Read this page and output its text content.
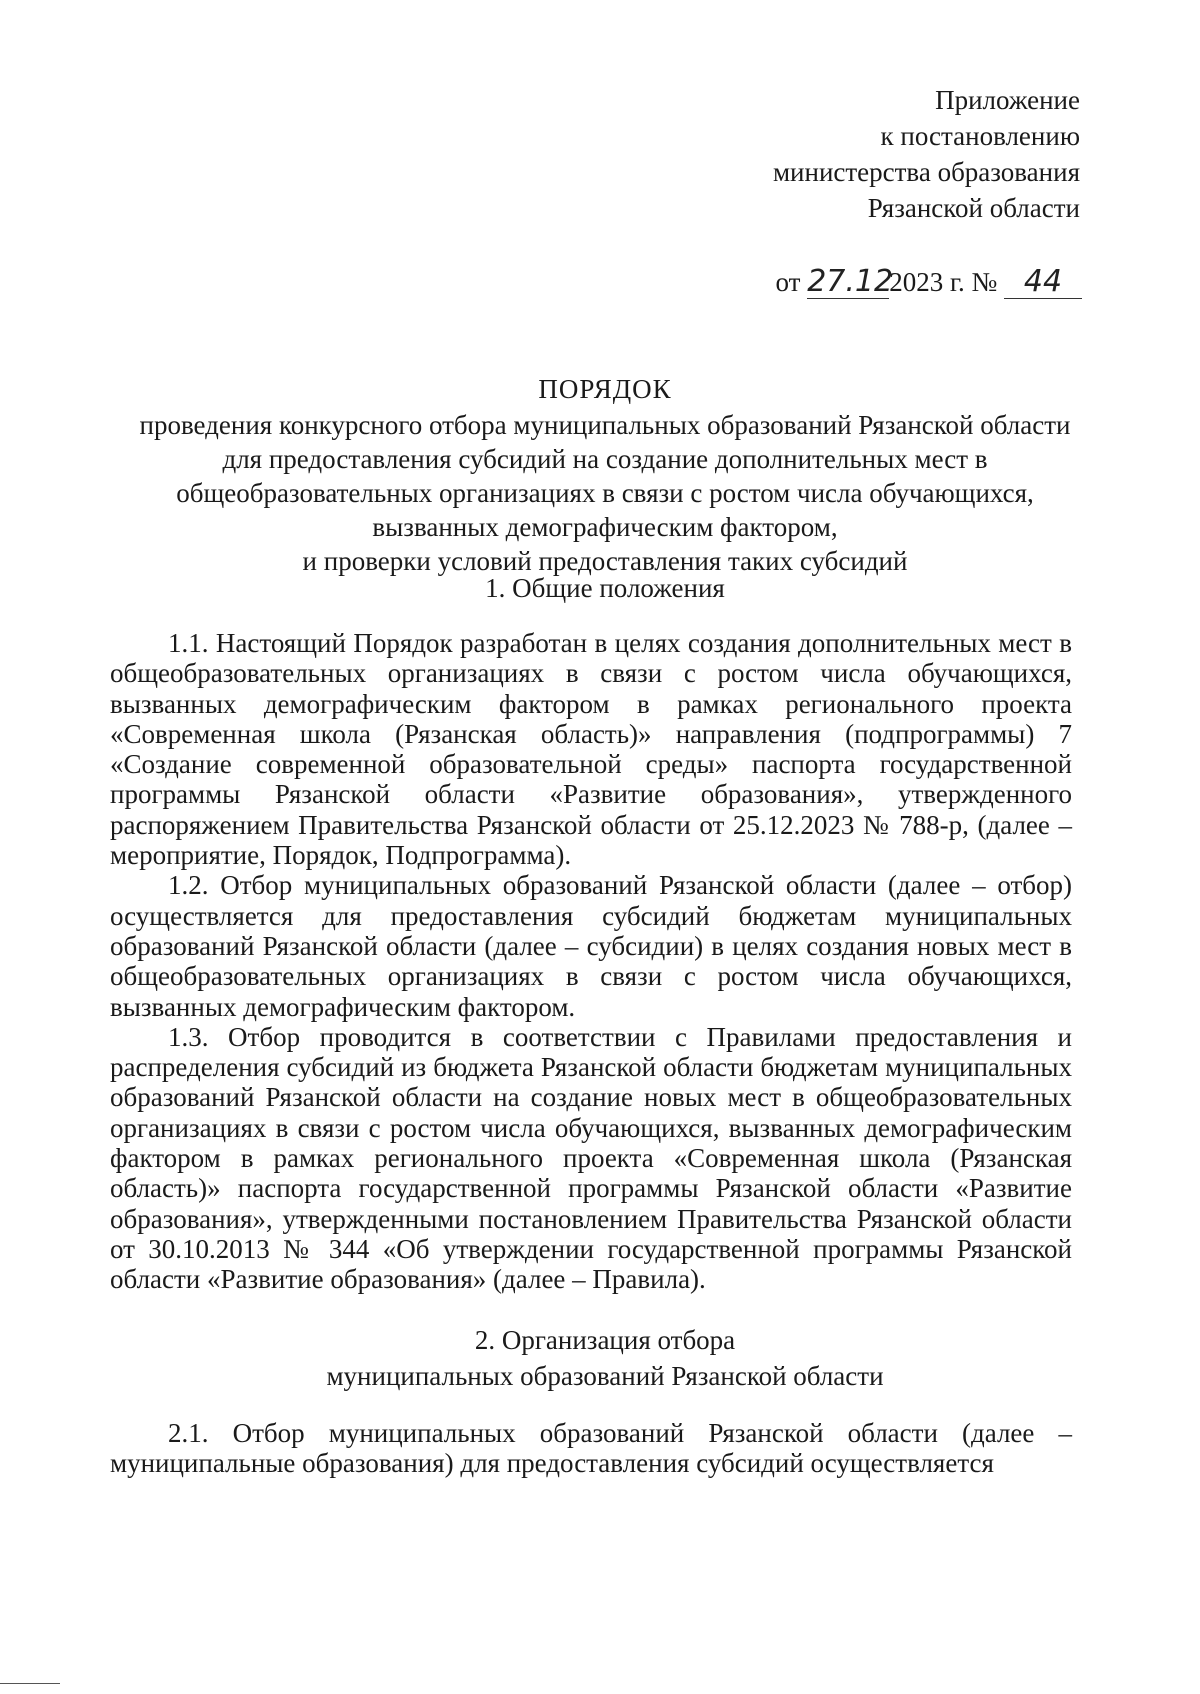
Приложение
к постановлению
министерства образования
Рязанской области
от 27.122023 г. № 44
ПОРЯДОК
проведения конкурсного отбора муниципальных образований Рязанской области
для предоставления субсидий на создание дополнительных мест в
общеобразовательных организациях в связи с ростом числа обучающихся,
вызванных демографическим фактором,
и проверки условий предоставления таких субсидий
1. Общие положения

1.1. Настоящий Порядок разработан в целях создания дополнительных мест в общеобразовательных организациях в связи с ростом числа обучающихся, вызванных демографическим фактором в рамках регионального проекта «Современная школа (Рязанская область)» направления (подпрограммы) 7 «Создание современной образовательной среды» паспорта государственной программы Рязанской области «Развитие образования», утвержденного распоряжением Правительства Рязанской области от 25.12.2023 № 788-р, (далее – мероприятие, Порядок, Подпрограмма).

1.2. Отбор муниципальных образований Рязанской области (далее – отбор) осуществляется для предоставления субсидий бюджетам муниципальных образований Рязанской области (далее – субсидии) в целях создания новых мест в общеобразовательных организациях в связи с ростом числа обучающихся, вызванных демографическим фактором.

1.3. Отбор проводится в соответствии с Правилами предоставления и распределения субсидий из бюджета Рязанской области бюджетам муниципальных образований Рязанской области на создание новых мест в общеобразовательных организациях в связи с ростом числа обучающихся, вызванных демографическим фактором в рамках регионального проекта «Современная школа (Рязанская область)» паспорта государственной программы Рязанской области «Развитие образования», утвержденными постановлением Правительства Рязанской области от 30.10.2013 № 344 «Об утверждении государственной программы Рязанской области «Развитие образования» (далее – Правила).

2. Организация отбора
муниципальных образований Рязанской области

2.1. Отбор муниципальных образований Рязанской области (далее – муниципальные образования) для предоставления субсидий осуществляется
